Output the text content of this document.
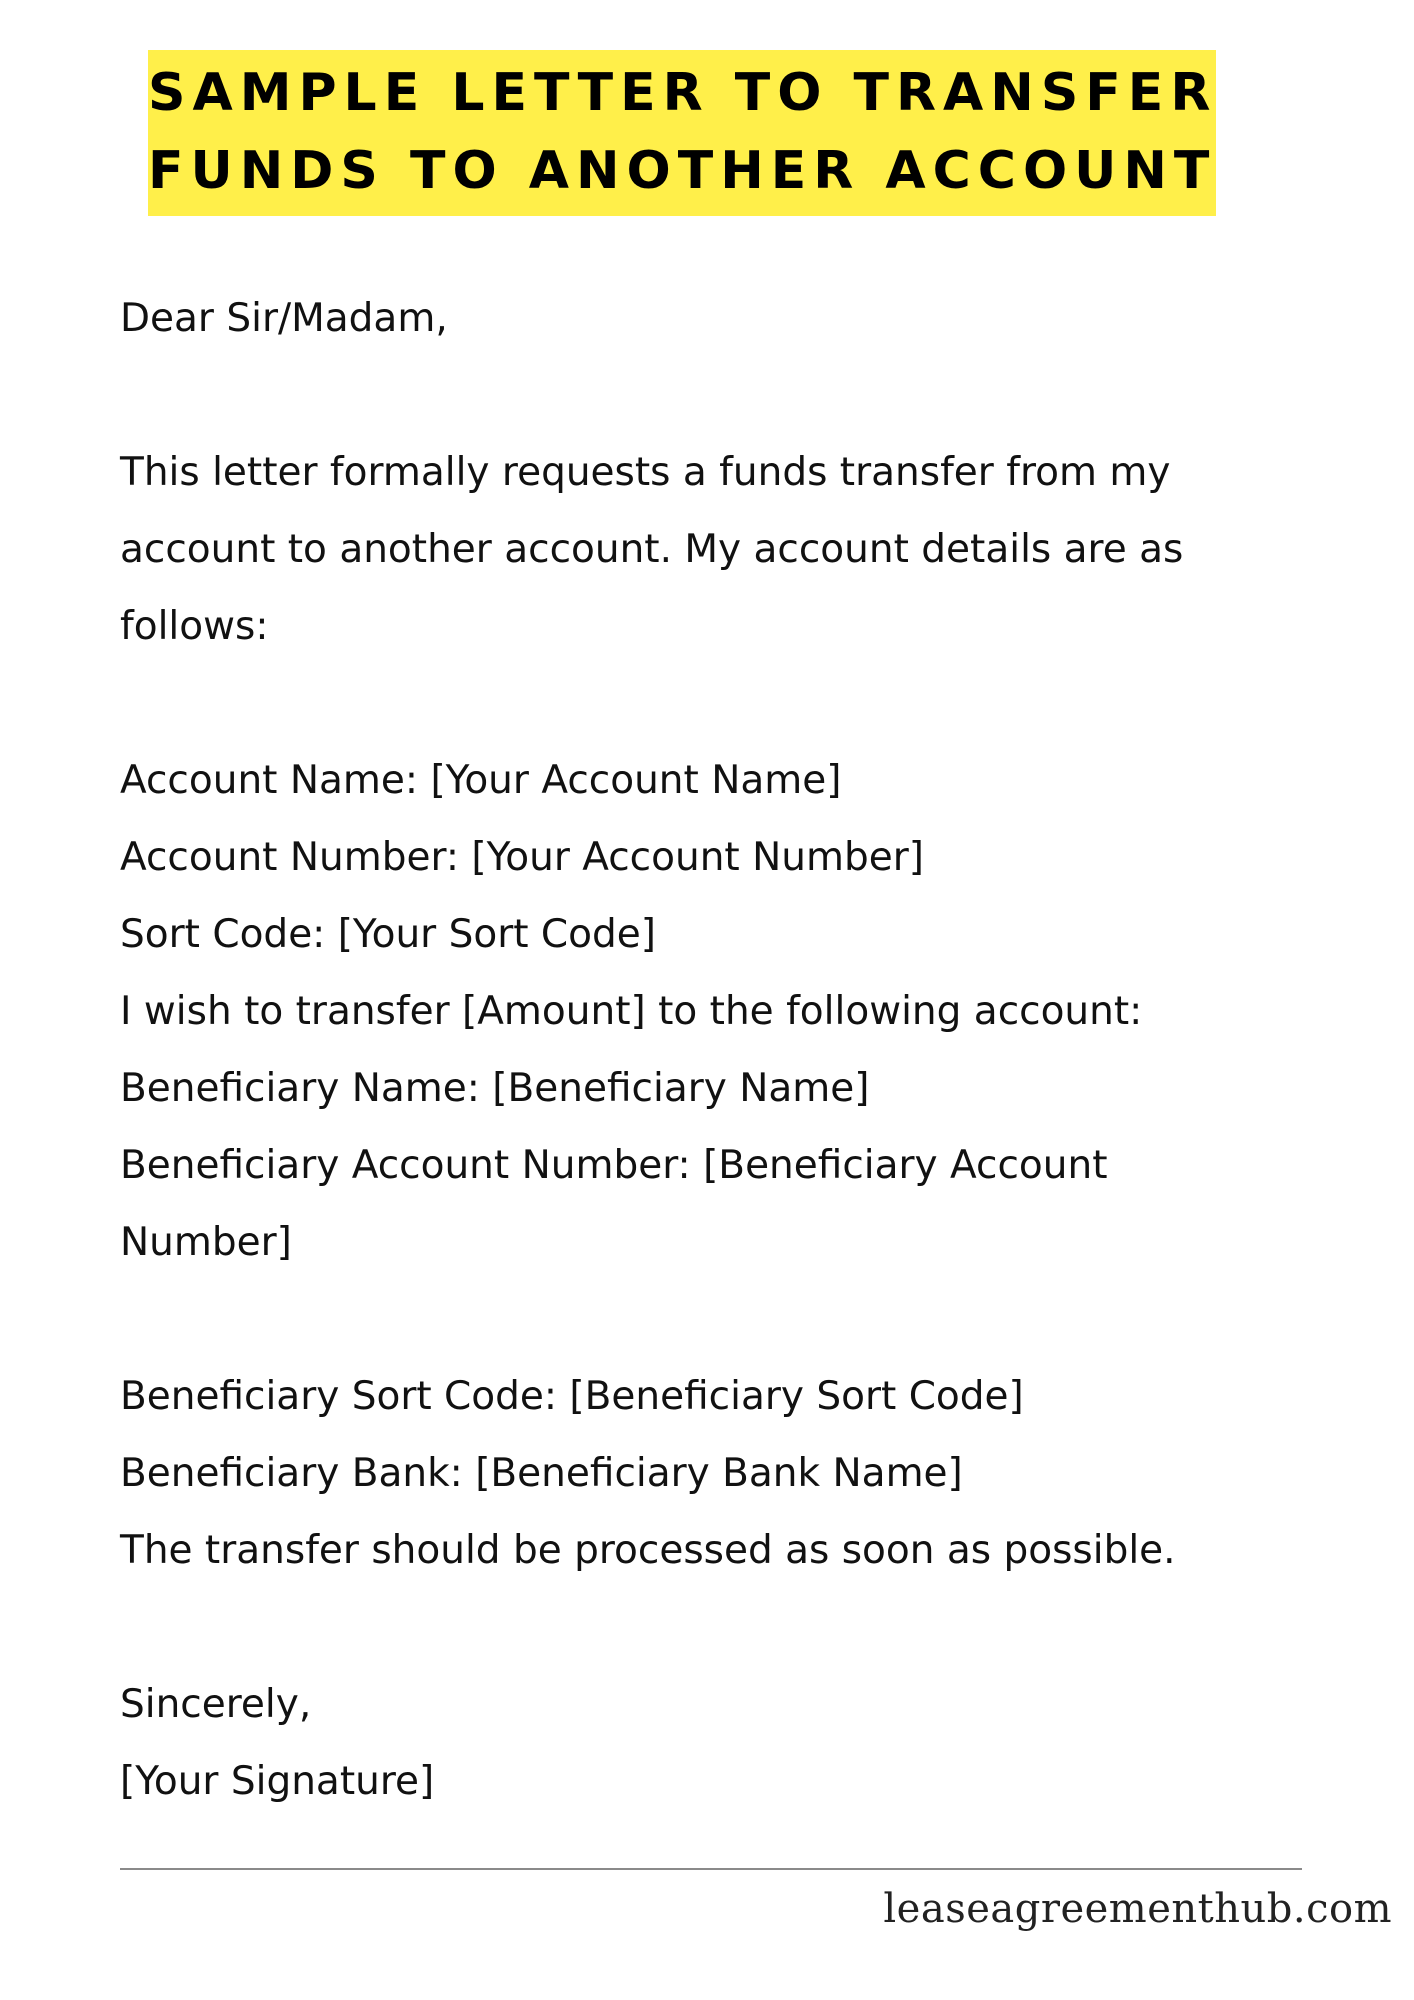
SAMPLE LETTER TO TRANSFER
FUNDS TO ANOTHER ACCOUNT
Dear Sir/Madam,
This letter formally requests a funds transfer from my
account to another account. My account details are as
follows:
Account Name: [Your Account Name]
Account Number: [Your Account Number]
Sort Code: [Your Sort Code]
I wish to transfer [Amount] to the following account:
Beneficiary Name: [Beneficiary Name]
Beneficiary Account Number: [Beneficiary Account
Number]
Beneficiary Sort Code: [Beneficiary Sort Code]
Beneficiary Bank: [Beneficiary Bank Name]
The transfer should be processed as soon as possible.
Sincerely,
[Your Signature]
leaseagreementhub.com
